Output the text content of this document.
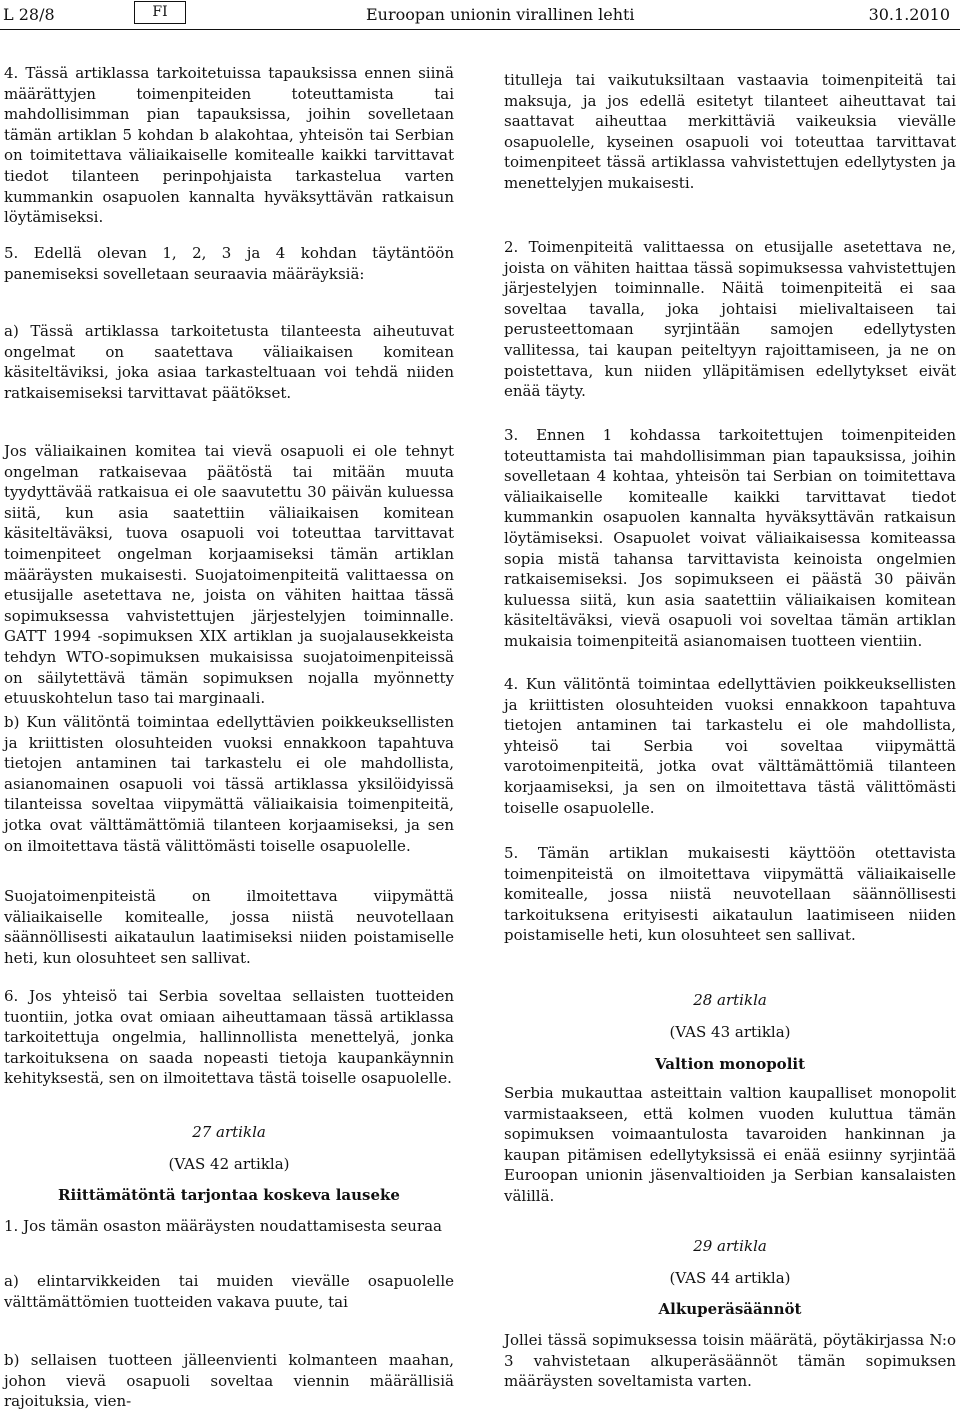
L 28/8	FI	Euroopan unionin virallinen lehti	30.1.2010

4. Tässä artiklassa tarkoitetuissa tapauksissa ennen siinä määrättyjen toimenpiteiden toteuttamista tai mahdollisimman pian tapauksissa, joihin sovelletaan tämän artiklan 5 kohdan b alakohtaa, yhteisön tai Serbian on toimitettava väliaikaiselle komitealle kaikki tarvittavat tiedot tilanteen perinpohjaista tarkastelua varten kummankin osapuolen kannalta hyväksyttävän ratkaisun löytämiseksi.

5. Edellä olevan 1, 2, 3 ja 4 kohdan täytäntöön panemiseksi sovelletaan seuraavia määräyksiä:

a) Tässä artiklassa tarkoitetusta tilanteesta aiheutuvat ongelmat on saatettava väliaikaisen komitean käsiteltäviksi, joka asiaa tarkasteltuaan voi tehdä niiden ratkaisemiseksi tarvittavat päätökset.

Jos väliaikainen komitea tai vievä osapuoli ei ole tehnyt ongelman ratkaisevaa päätöstä tai mitään muuta tyydyttävää ratkaisua ei ole saavutettu 30 päivän kuluessa siitä, kun asia saatettiin väliaikaisen komitean käsiteltäväksi, tuova osapuoli voi toteuttaa tarvittavat toimenpiteet ongelman korjaamiseksi tämän artiklan määräysten mukaisesti. Suojatoimenpiteitä valittaessa on etusijalle asetettava ne, joista on vähiten haittaa tässä sopimuksessa vahvistettujen järjestelyjen toiminnalle. GATT 1994 -sopimuksen XIX artiklan ja suojalausekkeista tehdyn WTO-sopimuksen mukaisissa suojatoimenpiteissä on säilytettävä tämän sopimuksen nojalla myönnetty etuuskohtelun taso tai marginaali.

b) Kun välitöntä toimintaa edellyttävien poikkeuksellisten ja kriittisten olosuhteiden vuoksi ennakkoon tapahtuva tietojen antaminen tai tarkastelu ei ole mahdollista, asianomainen osapuoli voi tässä artiklassa yksilöidyissä tilanteissa soveltaa viipymättä väliaikaisia toimenpiteitä, jotka ovat välttämättömiä tilanteen korjaamiseksi, ja sen on ilmoitettava tästä välittömästi toiselle osapuolelle.

Suojatoimenpiteistä on ilmoitettava viipymättä väliaikaiselle komitealle, jossa niistä neuvotellaan säännöllisesti aikataulun laatimiseksi niiden poistamiselle heti, kun olosuhteet sen sallivat.

6. Jos yhteisö tai Serbia soveltaa sellaisten tuotteiden tuontiin, jotka ovat omiaan aiheuttamaan tässä artiklassa tarkoitettuja ongelmia, hallinnollista menettelyä, jonka tarkoituksena on saada nopeasti tietoja kaupankäynnin kehityksestä, sen on ilmoitettava tästä toiselle osapuolelle.

27 artikla

(VAS 42 artikla)

Riittämätöntä tarjontaa koskeva lauseke

1. Jos tämän osaston määräysten noudattamisesta seuraa

a) elintarvikkeiden tai muiden vievälle osapuolelle välttämättömien tuotteiden vakava puute, tai

b) sellaisen tuotteen jälleenvienti kolmanteen maahan, johon vievä osapuoli soveltaa viennin määrällisiä rajoituksia, vien-

titulleja tai vaikutuksiltaan vastaavia toimenpiteitä tai maksuja, ja jos edellä esitetyt tilanteet aiheuttavat tai saattavat aiheuttaa merkittäviä vaikeuksia vievälle osapuolelle, kyseinen osapuoli voi toteuttaa tarvittavat toimenpiteet tässä artiklassa vahvistettujen edellytysten ja menettelyjen mukaisesti.

2. Toimenpiteitä valittaessa on etusijalle asetettava ne, joista on vähiten haittaa tässä sopimuksessa vahvistettujen järjestelyjen toiminnalle. Näitä toimenpiteitä ei saa soveltaa tavalla, joka johtaisi mielivaltaiseen tai perusteettomaan syrjintään samojen edellytysten vallitessa, tai kaupan peiteltyyn rajoittamiseen, ja ne on poistettava, kun niiden ylläpitämisen edellytykset eivät enää täyty.

3. Ennen 1 kohdassa tarkoitettujen toimenpiteiden toteuttamista tai mahdollisimman pian tapauksissa, joihin sovelletaan 4 kohtaa, yhteisön tai Serbian on toimitettava väliaikaiselle komitealle kaikki tarvittavat tiedot kummankin osapuolen kannalta hyväksyttävän ratkaisun löytämiseksi. Osapuolet voivat väliaikaisessa komiteassa sopia mistä tahansa tarvittavista keinoista ongelmien ratkaisemiseksi. Jos sopimukseen ei päästä 30 päivän kuluessa siitä, kun asia saatettiin väliaikaisen komitean käsiteltäväksi, vievä osapuoli voi soveltaa tämän artiklan mukaisia toimenpiteitä asianomaisen tuotteen vientiin.

4. Kun välitöntä toimintaa edellyttävien poikkeuksellisten ja kriittisten olosuhteiden vuoksi ennakkoon tapahtuva tietojen antaminen tai tarkastelu ei ole mahdollista, yhteisö tai Serbia voi soveltaa viipymättä varotoimenpiteitä, jotka ovat välttämättömiä tilanteen korjaamiseksi, ja sen on ilmoitettava tästä välittömästi toiselle osapuolelle.

5. Tämän artiklan mukaisesti käyttöön otettavista toimenpiteistä on ilmoitettava viipymättä väliaikaiselle komitealle, jossa niistä neuvotellaan säännöllisesti tarkoituksena erityisesti aikataulun laatimiseen niiden poistamiselle heti, kun olosuhteet sen sallivat.

28 artikla

(VAS 43 artikla)

Valtion monopolit

Serbia mukauttaa asteittain valtion kaupalliset monopolit varmistaakseen, että kolmen vuoden kuluttua tämän sopimuksen voimaantulosta tavaroiden hankinnan ja kaupan pitämisen edellytyksissä ei enää esiinny syrjintää Euroopan unionin jäsenvaltioiden ja Serbian kansalaisten välillä.

29 artikla

(VAS 44 artikla)

Alkuperäsäännöt

Jollei tässä sopimuksessa toisin määrätä, pöytäkirjassa N:o 3 vahvistetaan alkuperäsäännöt tämän sopimuksen määräysten soveltamista varten.
